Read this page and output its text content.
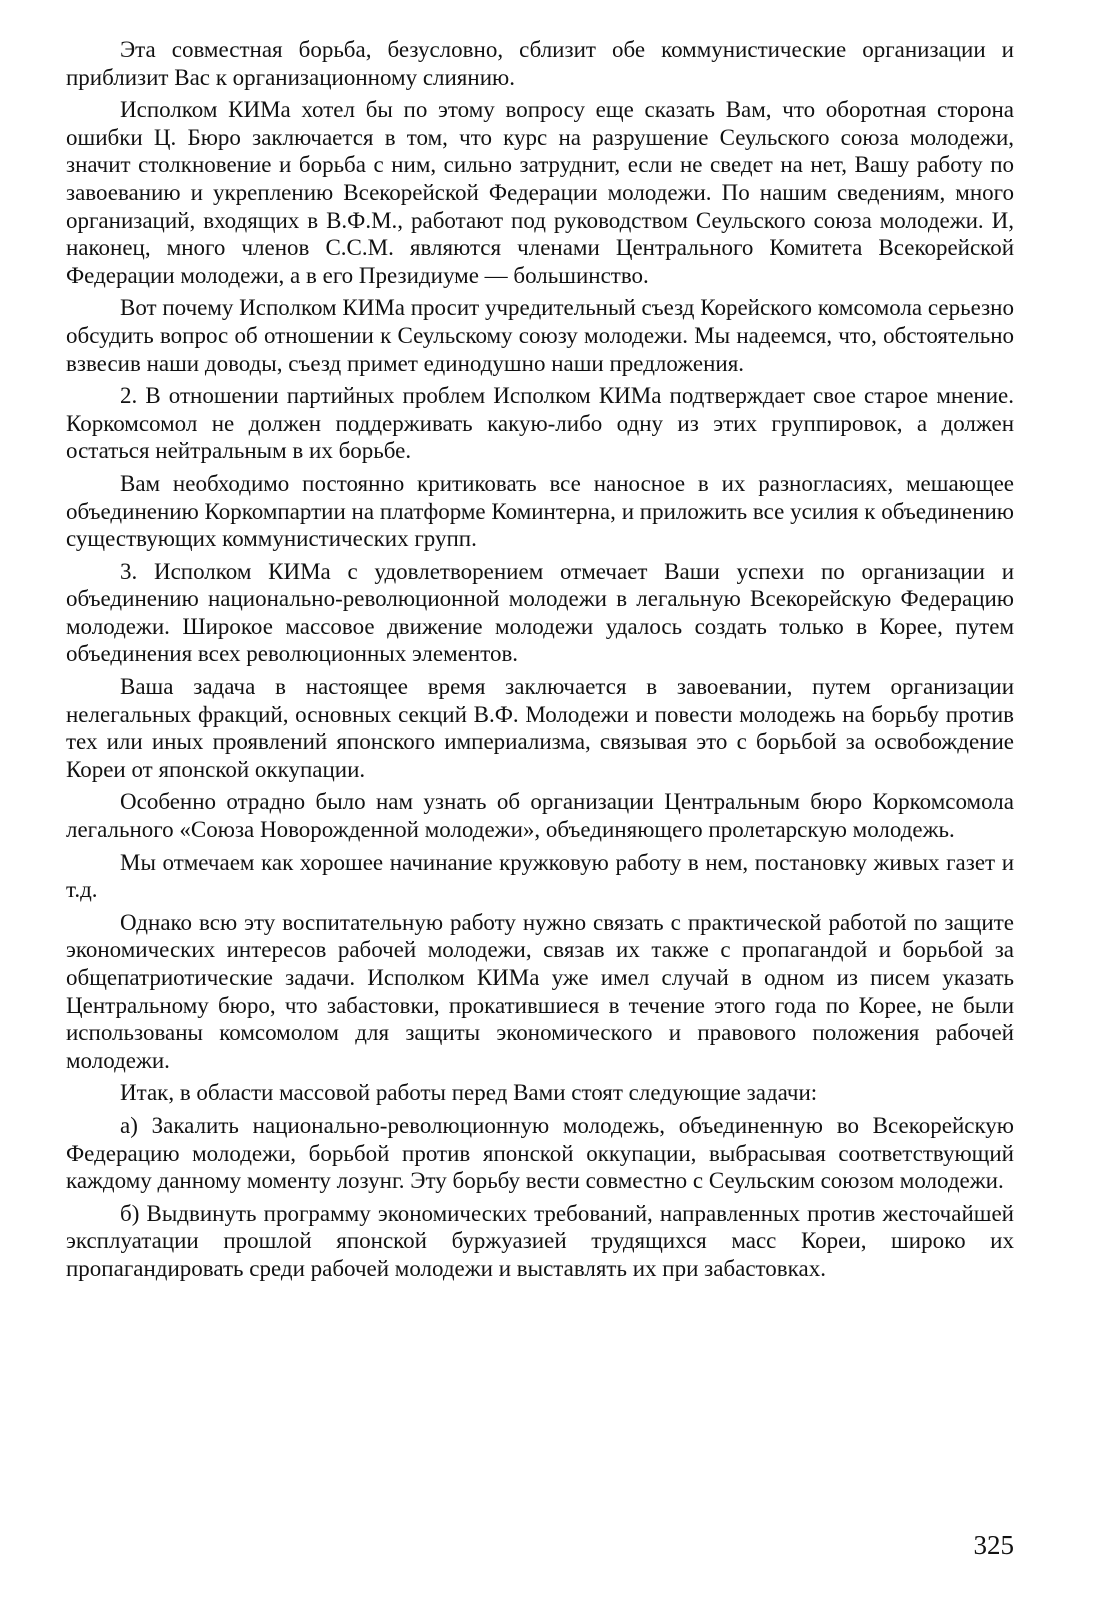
Эта совместная борьба, безусловно, сблизит обе коммунистические организации и приблизит Вас к организационному слиянию.

Исполком КИМа хотел бы по этому вопросу еще сказать Вам, что оборотная сторона ошибки Ц. Бюро заключается в том, что курс на разрушение Сеульского союза молодежи, значит столкновение и борьба с ним, сильно затруднит, если не сведет на нет, Вашу работу по завоеванию и укреплению Всекорейской Федерации молодежи. По нашим сведениям, много организаций, входящих в В.Ф.М., работают под руководством Сеульского союза молодежи. И, наконец, много членов С.С.М. являются членами Центрального Комитета Всекорейской Федерации молодежи, а в его Президиуме — большинство.

Вот почему Исполком КИМа просит учредительный съезд Корейского комсомола серьезно обсудить вопрос об отношении к Сеульскому союзу молодежи. Мы надеемся, что, обстоятельно взвесив наши доводы, съезд примет единодушно наши предложения.

2. В отношении партийных проблем Исполком КИМа подтверждает свое старое мнение. Коркомсомол не должен поддерживать какую-либо одну из этих группировок, а должен остаться нейтральным в их борьбе.

Вам необходимо постоянно критиковать все наносное в их разногласиях, мешающее объединению Коркомпартии на платформе Коминтерна, и приложить все усилия к объединению существующих коммунистических групп.

3. Исполком КИМа с удовлетворением отмечает Ваши успехи по организации и объединению национально-революционной молодежи в легальную Всекорейскую Федерацию молодежи. Широкое массовое движение молодежи удалось создать только в Корее, путем объединения всех революционных элементов.

Ваша задача в настоящее время заключается в завоевании, путем организации нелегальных фракций, основных секций В.Ф. Молодежи и повести молодежь на борьбу против тех или иных проявлений японского империализма, связывая это с борьбой за освобождение Кореи от японской оккупации.

Особенно отрадно было нам узнать об организации Центральным бюро Коркомсомола легального «Союза Новорожденной молодежи», объединяющего пролетарскую молодежь.

Мы отмечаем как хорошее начинание кружковую работу в нем, постановку живых газет и т.д.

Однако всю эту воспитательную работу нужно связать с практической работой по защите экономических интересов рабочей молодежи, связав их также с пропагандой и борьбой за общепатриотические задачи. Исполком КИМа уже имел случай в одном из писем указать Центральному бюро, что забастовки, прокатившиеся в течение этого года по Корее, не были использованы комсомолом для защиты экономического и правового положения рабочей молодежи.

Итак, в области массовой работы перед Вами стоят следующие задачи:

а) Закалить национально-революционную молодежь, объединенную во Всекорейскую Федерацию молодежи, борьбой против японской оккупации, выбрасывая соответствующий каждому данному моменту лозунг. Эту борьбу вести совместно с Сеульским союзом молодежи.

б) Выдвинуть программу экономических требований, направленных против жесточайшей эксплуатации прошлой японской буржуазией трудящихся масс Кореи, широко их пропагандировать среди рабочей молодежи и выставлять их при забастовках.

325
